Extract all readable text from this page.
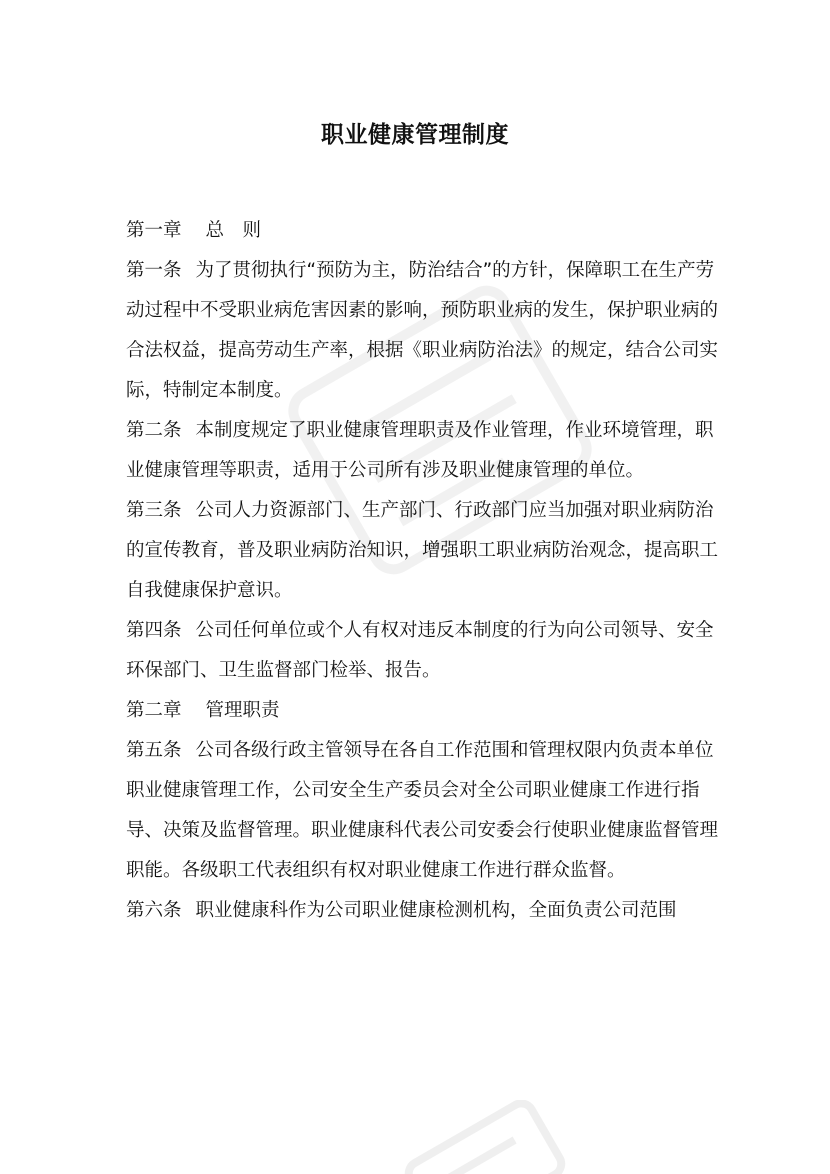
职业健康管理制度

第一章 总　则

第一条 为了贯彻执行“预防为主，防治结合”的方针，保障职工在生产劳动过程中不受职业病危害因素的影响，预防职业病的发生，保护职业病的合法权益，提高劳动生产率，根据《职业病防治法》的规定，结合公司实际，特制定本制度。

第二条 本制度规定了职业健康管理职责及作业管理，作业环境管理，职业健康管理等职责，适用于公司所有涉及职业健康管理的单位。

第三条 公司人力资源部门、生产部门、行政部门应当加强对职业病防治的宣传教育，普及职业病防治知识，增强职工职业病防治观念，提高职工自我健康保护意识。

第四条 公司任何单位或个人有权对违反本制度的行为向公司领导、安全环保部门、卫生监督部门检举、报告。

第二章 管理职责

第五条 公司各级行政主管领导在各自工作范围和管理权限内负责本单位职业健康管理工作，公司安全生产委员会对全公司职业健康工作进行指导、决策及监督管理。职业健康科代表公司安委会行使职业健康监督管理职能。各级职工代表组织有权对职业健康工作进行群众监督。

第六条 职业健康科作为公司职业健康检测机构，全面负责公司范围
